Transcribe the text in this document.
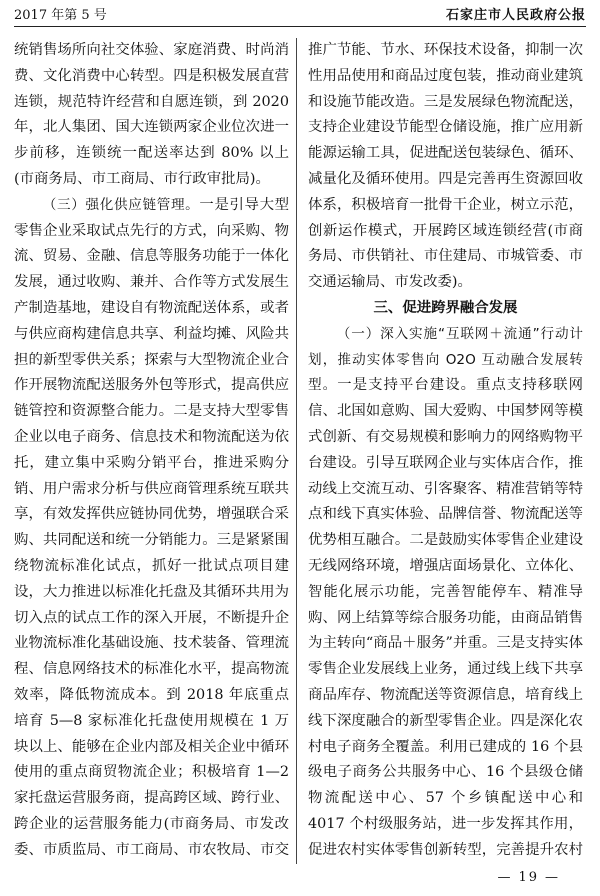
2017 年第 5 号	石家庄市人民政府公报

统销售场所向社交体验、家庭消费、时尚消费、文化消费中心转型。四是积极发展直营连锁，规范特许经营和自愿连锁，到 2020 年，北人集团、国大连锁两家企业位次进一步前移，连锁统一配送率达到 80% 以上(市商务局、市工商局、市行政审批局)。

（三）强化供应链管理。一是引导大型零售企业采取试点先行的方式，向采购、物流、贸易、金融、信息等服务功能于一体化发展，通过收购、兼并、合作等方式发展生产制造基地，建设自有物流配送体系，或者与供应商构建信息共享、利益均摊、风险共担的新型零供关系；探索与大型物流企业合作开展物流配送服务外包等形式，提高供应链管控和资源整合能力。二是支持大型零售企业以电子商务、信息技术和物流配送为依托，建立集中采购分销平台，推进采购分销、用户需求分析与供应商管理系统互联共享，有效发挥供应链协同优势，增强联合采购、共同配送和统一分销能力。三是紧紧围绕物流标准化试点，抓好一批试点项目建设，大力推进以标准化托盘及其循环共用为切入点的试点工作的深入开展，不断提升企业物流标准化基础设施、技术装备、管理流程、信息网络技术的标准化水平，提高物流效率，降低物流成本。到 2018 年底重点培育 5—8 家标准化托盘使用规模在 1 万块以上、能够在企业内部及相关企业中循环使用的重点商贸物流企业；积极培育 1—2 家托盘运营服务商，提高跨区域、跨行业、跨企业的运营服务能力(市商务局、市发改委、市质监局、市工商局、市农牧局、市交

推广节能、节水、环保技术设备，抑制一次性用品使用和商品过度包装，推动商业建筑和设施节能改造。三是发展绿色物流配送，支持企业建设节能型仓储设施，推广应用新能源运输工具，促进配送包装绿色、循环、减量化及循环使用。四是完善再生资源回收体系，积极培育一批骨干企业，树立示范，创新运作模式，开展跨区域连锁经营(市商务局、市供销社、市住建局、市城管委、市交通运输局、市发改委)。

三、促进跨界融合发展

（一）深入实施“互联网＋流通”行动计划，推动实体零售向 O2O 互动融合发展转型。一是支持平台建设。重点支持移联网信、北国如意购、国大爱购、中国梦网等模式创新、有交易规模和影响力的网络购物平台建设。引导互联网企业与实体店合作，推动线上交流互动、引客聚客、精准营销等特点和线下真实体验、品牌信誉、物流配送等优势相互融合。二是鼓励实体零售企业建设无线网络环境，增强店面场景化、立体化、智能化展示功能，完善智能停车、精准导购、网上结算等综合服务功能，由商品销售为主转向“商品＋服务”并重。三是支持实体零售企业发展线上业务，通过线上线下共享商品库存、物流配送等资源信息，培育线上线下深度融合的新型零售企业。四是深化农村电子商务全覆盖。利用已建成的 16 个县级电子商务公共服务中心、16 个县级仓储物流配送中心、57 个乡镇配送中心和 4017 个村级服务站，进一步发挥其作用，促进农村实体零售创新转型，完善提升农村

— 19 —
